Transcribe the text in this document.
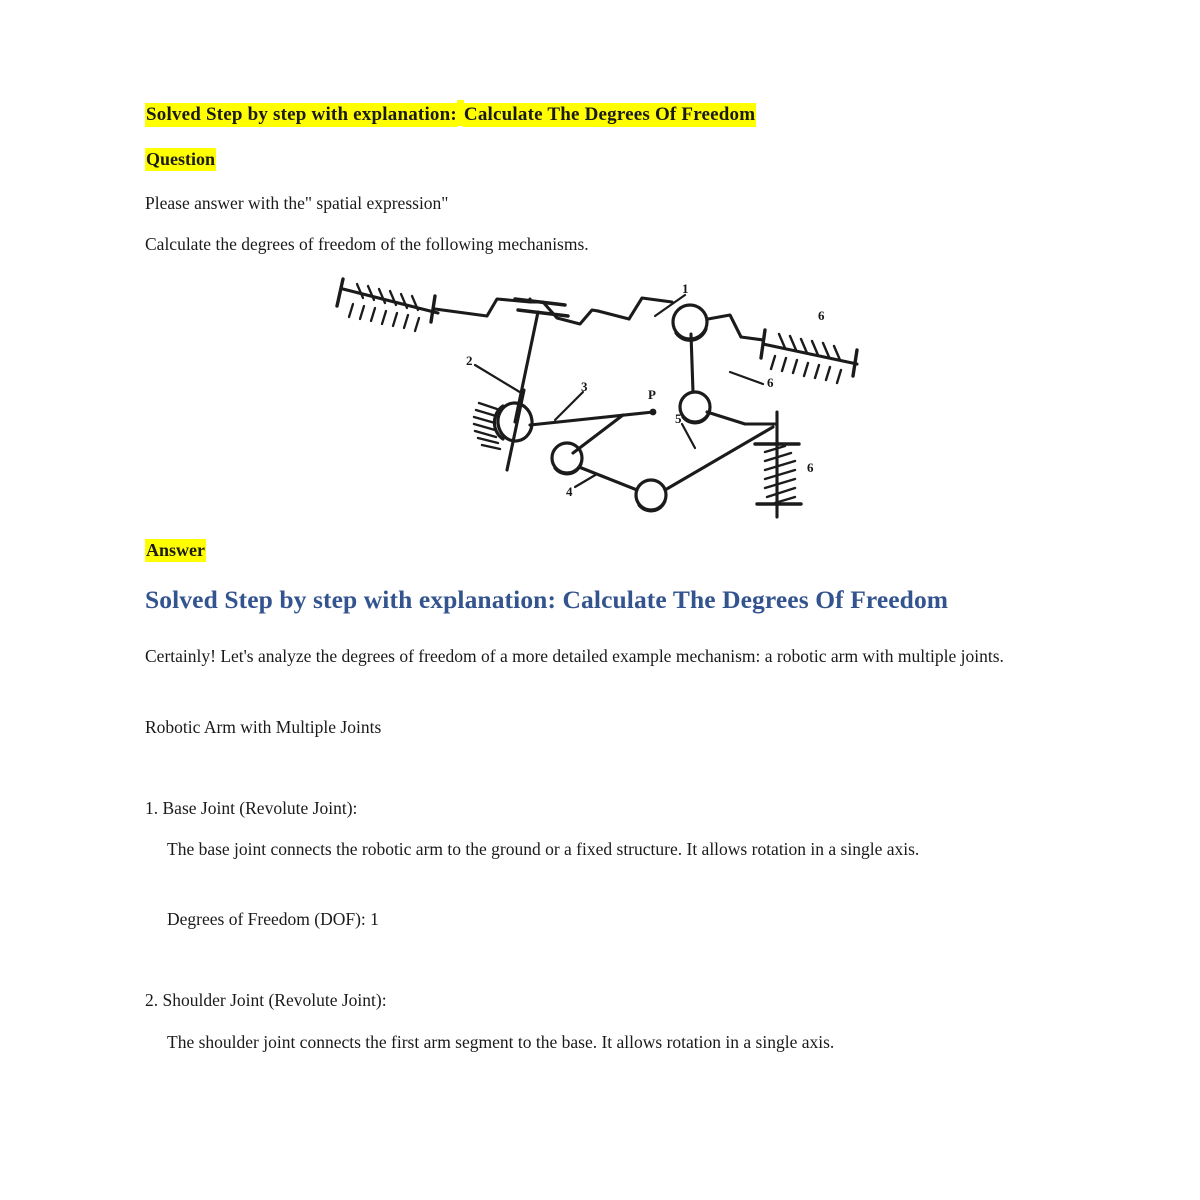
Solved Step by step with explanation: Calculate The Degrees Of Freedom
Question
Please answer with the" spatial expression"
Calculate the degrees of freedom of the following mechanisms.
1
2
3
4
5
6
6
6
P
Answer
Solved Step by step with explanation: Calculate The Degrees Of Freedom
Certainly! Let's analyze the degrees of freedom of a more detailed example mechanism: a robotic arm with multiple joints.
Robotic Arm with Multiple Joints
1. Base Joint (Revolute Joint):
The base joint connects the robotic arm to the ground or a fixed structure. It allows rotation in a single axis.
Degrees of Freedom (DOF): 1
2. Shoulder Joint (Revolute Joint):
The shoulder joint connects the first arm segment to the base. It allows rotation in a single axis.
